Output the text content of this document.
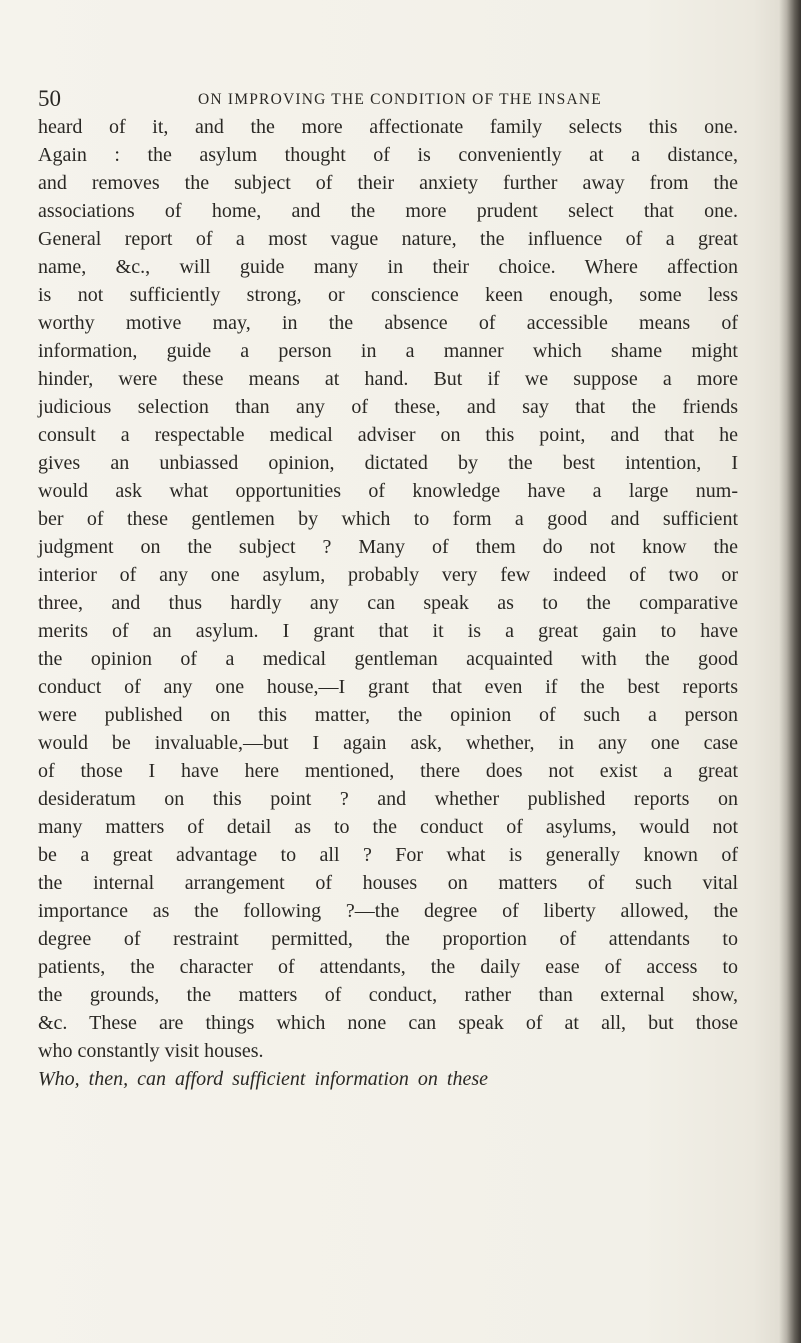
50	ON IMPROVING THE CONDITION OF THE INSANE
heard of it, and the more affectionate family selects this one.
Again : the asylum thought of is conveniently at a distance,
and removes the subject of their anxiety further away from the
associations of home, and the more prudent select that one.
General report of a most vague nature, the influence of a great
name, &c., will guide many in their choice. Where affection
is not sufficiently strong, or conscience keen enough, some less
worthy motive may, in the absence of accessible means of
information, guide a person in a manner which shame might
hinder, were these means at hand. But if we suppose a more
judicious selection than any of these, and say that the friends
consult a respectable medical adviser on this point, and that he
gives an unbiassed opinion, dictated by the best intention, I
would ask what opportunities of knowledge have a large num-
ber of these gentlemen by which to form a good and sufficient
judgment on the subject ? Many of them do not know the
interior of any one asylum, probably very few indeed of two or
three, and thus hardly any can speak as to the comparative
merits of an asylum. I grant that it is a great gain to have
the opinion of a medical gentleman acquainted with the good
conduct of any one house,—I grant that even if the best reports
were published on this matter, the opinion of such a person
would be invaluable,—but I again ask, whether, in any one case
of those I have here mentioned, there does not exist a great
desideratum on this point ? and whether published reports on
many matters of detail as to the conduct of asylums, would not
be a great advantage to all ? For what is generally known of
the internal arrangement of houses on matters of such vital
importance as the following ?—the degree of liberty allowed, the
degree of restraint permitted, the proportion of attendants to
patients, the character of attendants, the daily ease of access to
the grounds, the matters of conduct, rather than external show,
&c. These are things which none can speak of at all, but those
who constantly visit houses.
Who, then, can afford sufficient information on these
